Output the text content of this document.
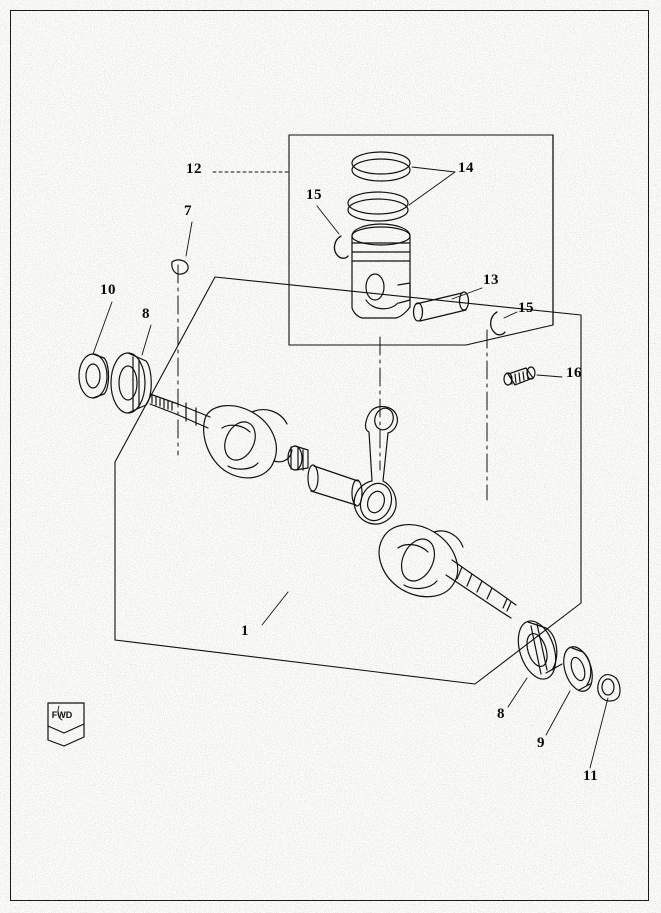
FWD
1
7
10
8
12
15
14
13
15
16
8
9
11
